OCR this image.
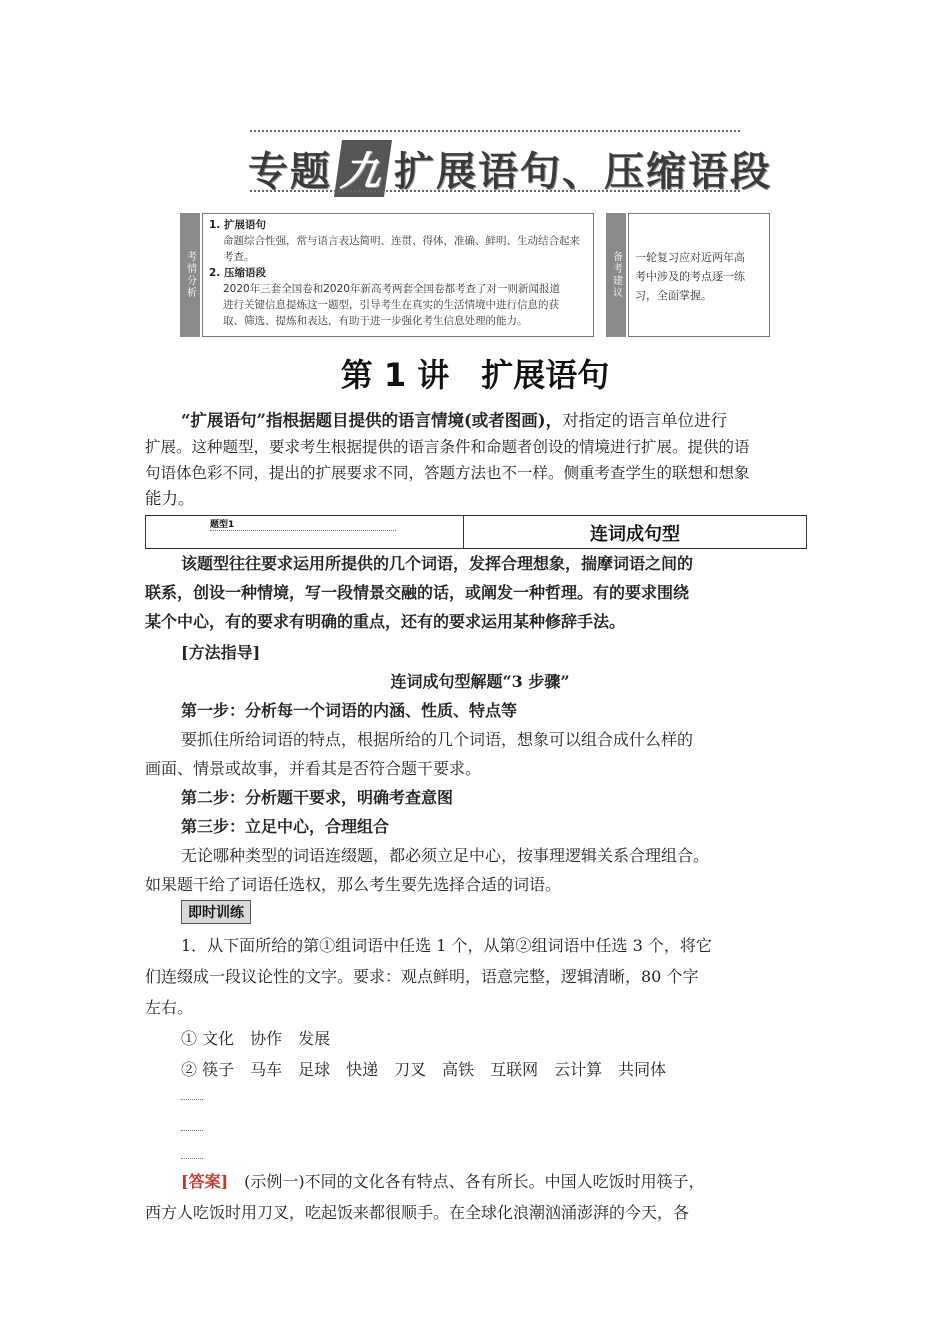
专题 九 扩展语句、压缩语段
考情分析
1. 扩展语句
命题综合性强，常与语言表达简明、连贯、得体，准确、鲜明、生动结合起来
考查。
2. 压缩语段
2020年三套全国卷和2020年新高考两套全国卷都考查了对一则新闻报道
进行关键信息提炼这一题型，引导考生在真实的生活情境中进行信息的获
取、筛选、提炼和表达，有助于进一步强化考生信息处理的能力。
备考建议 一轮复习应对近两年高
考中涉及的考点逐一练
习，全面掌握。
第 1 讲　扩展语句
“扩展语句”指根据题目提供的语言情境(或者图画)，对指定的语言单位进行
扩展。这种题型，要求考生根据提供的语言条件和命题者创设的情境进行扩展。提供的语
句语体色彩不同，提出的扩展要求不同，答题方法也不一样。侧重考查学生的联想和想象
能力。
题型1	连词成句型
该题型往往要求运用所提供的几个词语，发挥合理想象，揣摩词语之间的
联系，创设一种情境，写一段情景交融的话，或阐发一种哲理。有的要求围绕
某个中心，有的要求有明确的重点，还有的要求运用某种修辞手法。
[方法指导]
连词成句型解题“3 步骤”
第一步：分析每一个词语的内涵、性质、特点等
要抓住所给词语的特点，根据所给的几个词语，想象可以组合成什么样的
画面、情景或故事，并看其是否符合题干要求。
第二步：分析题干要求，明确考查意图
第三步：立足中心，合理组合
无论哪种类型的词语连缀题，都必须立足中心，按事理逻辑关系合理组合。
如果题干给了词语任选权，那么考生要先选择合适的词语。
即时训练
1．从下面所给的第①组词语中任选 1 个，从第②组词语中任选 3 个，将它
们连缀成一段议论性的文字。要求：观点鲜明，语意完整，逻辑清晰，80 个字
左右。
① 文化　协作　发展
② 筷子　马车　足球　快递　刀叉　高铁　互联网　云计算　共同体
[答案]　 (示例一)不同的文化各有特点、各有所长。中国人吃饭时用筷子，
西方人吃饭时用刀叉，吃起饭来都很顺手。在全球化浪潮汹涌澎湃的今天，各
